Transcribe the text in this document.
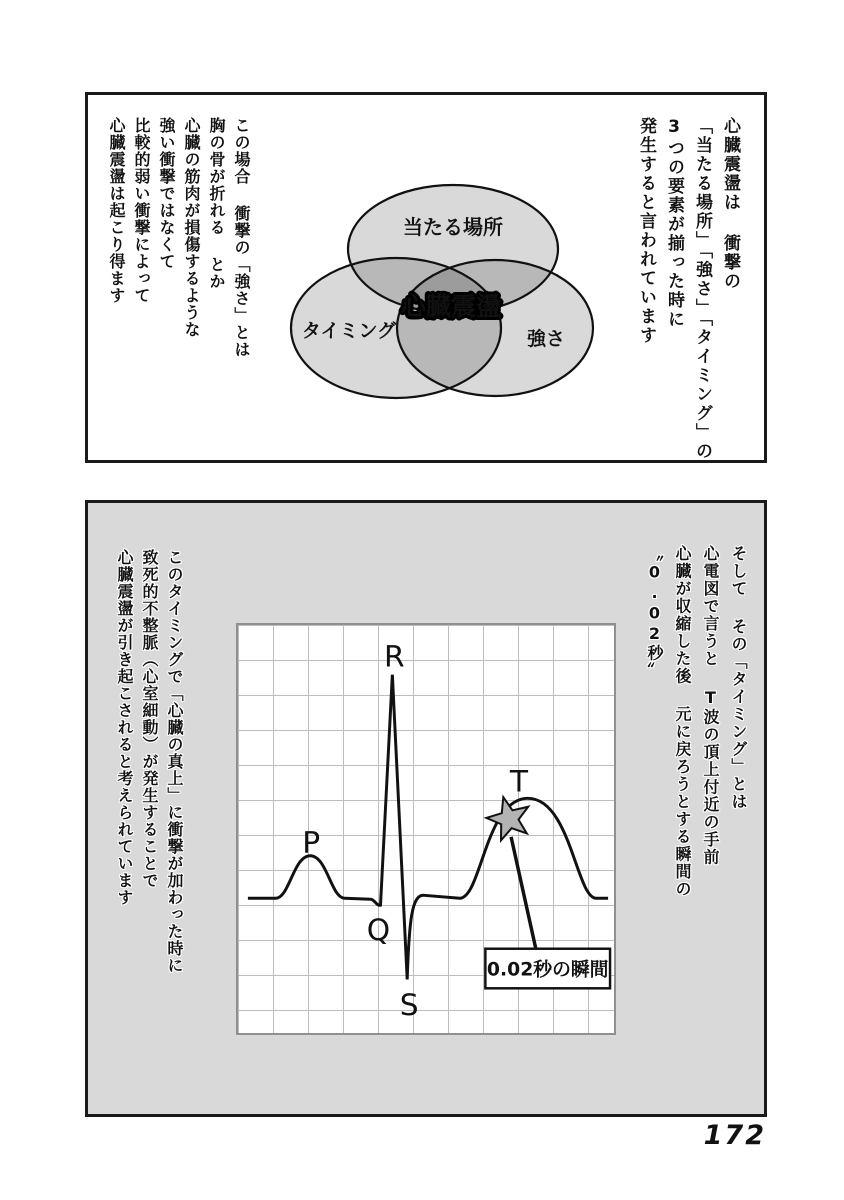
心臓震盪は 衝撃の

「当たる場所」「強さ」「タイミング」の

3つの要素が揃った時に

発生すると言われています

この場合 衝撃の「強さ」とは

胸の骨が折れる とか

心臓の筋肉が損傷するような

強い衝撃ではなくて

比較的弱い衝撃によって

心臓震盪は起こり得ます	当たる場所
タイミング	強さ
心臓震盪

そして その「タイミング」とは

心電図で言うと T波の頂上付近の手前

心臓が収縮した後 元に戻ろうとする瞬間の

〝0.02秒〟

このタイミングで「心臓の真上」に衝撃が加わった時に

致死的不整脈（心室細動）が発生することで

心臓震盪が引き起こされると考えられています	P
Q
R
S
T
0.02秒の瞬間
172
